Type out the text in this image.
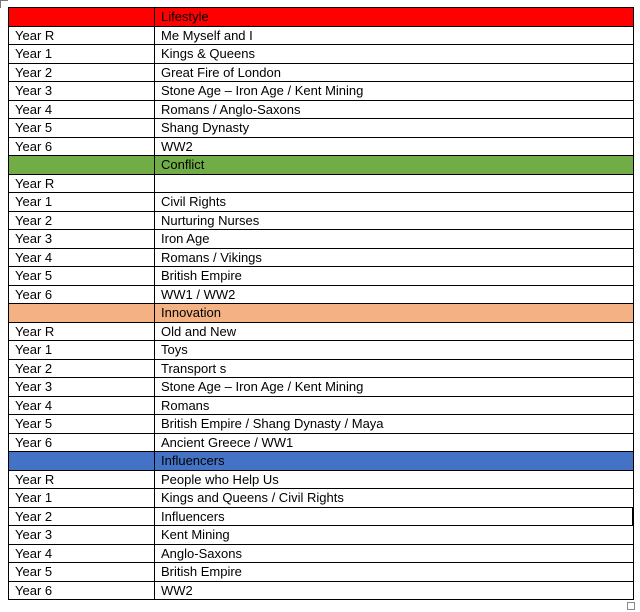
	Lifestyle
Year R	Me Myself and I
Year 1	Kings & Queens
Year 2	Great Fire of London
Year 3	Stone Age – Iron Age / Kent Mining
Year 4	Romans / Anglo-Saxons
Year 5	Shang Dynasty
Year 6	WW2
	Conflict
Year R	
Year 1	Civil Rights
Year 2	Nurturing Nurses
Year 3	Iron Age
Year 4	Romans / Vikings
Year 5	British Empire
Year 6	WW1 / WW2
	Innovation
Year R	Old and New
Year 1	Toys
Year 2	Transport s
Year 3	Stone Age – Iron Age / Kent Mining
Year 4	Romans
Year 5	British Empire / Shang Dynasty / Maya
Year 6	Ancient Greece / WW1
	Influencers
Year R	People who Help Us
Year 1	Kings and Queens / Civil Rights
Year 2	Influencers
Year 3	Kent Mining
Year 4	Anglo-Saxons
Year 5	British Empire
Year 6	WW2
